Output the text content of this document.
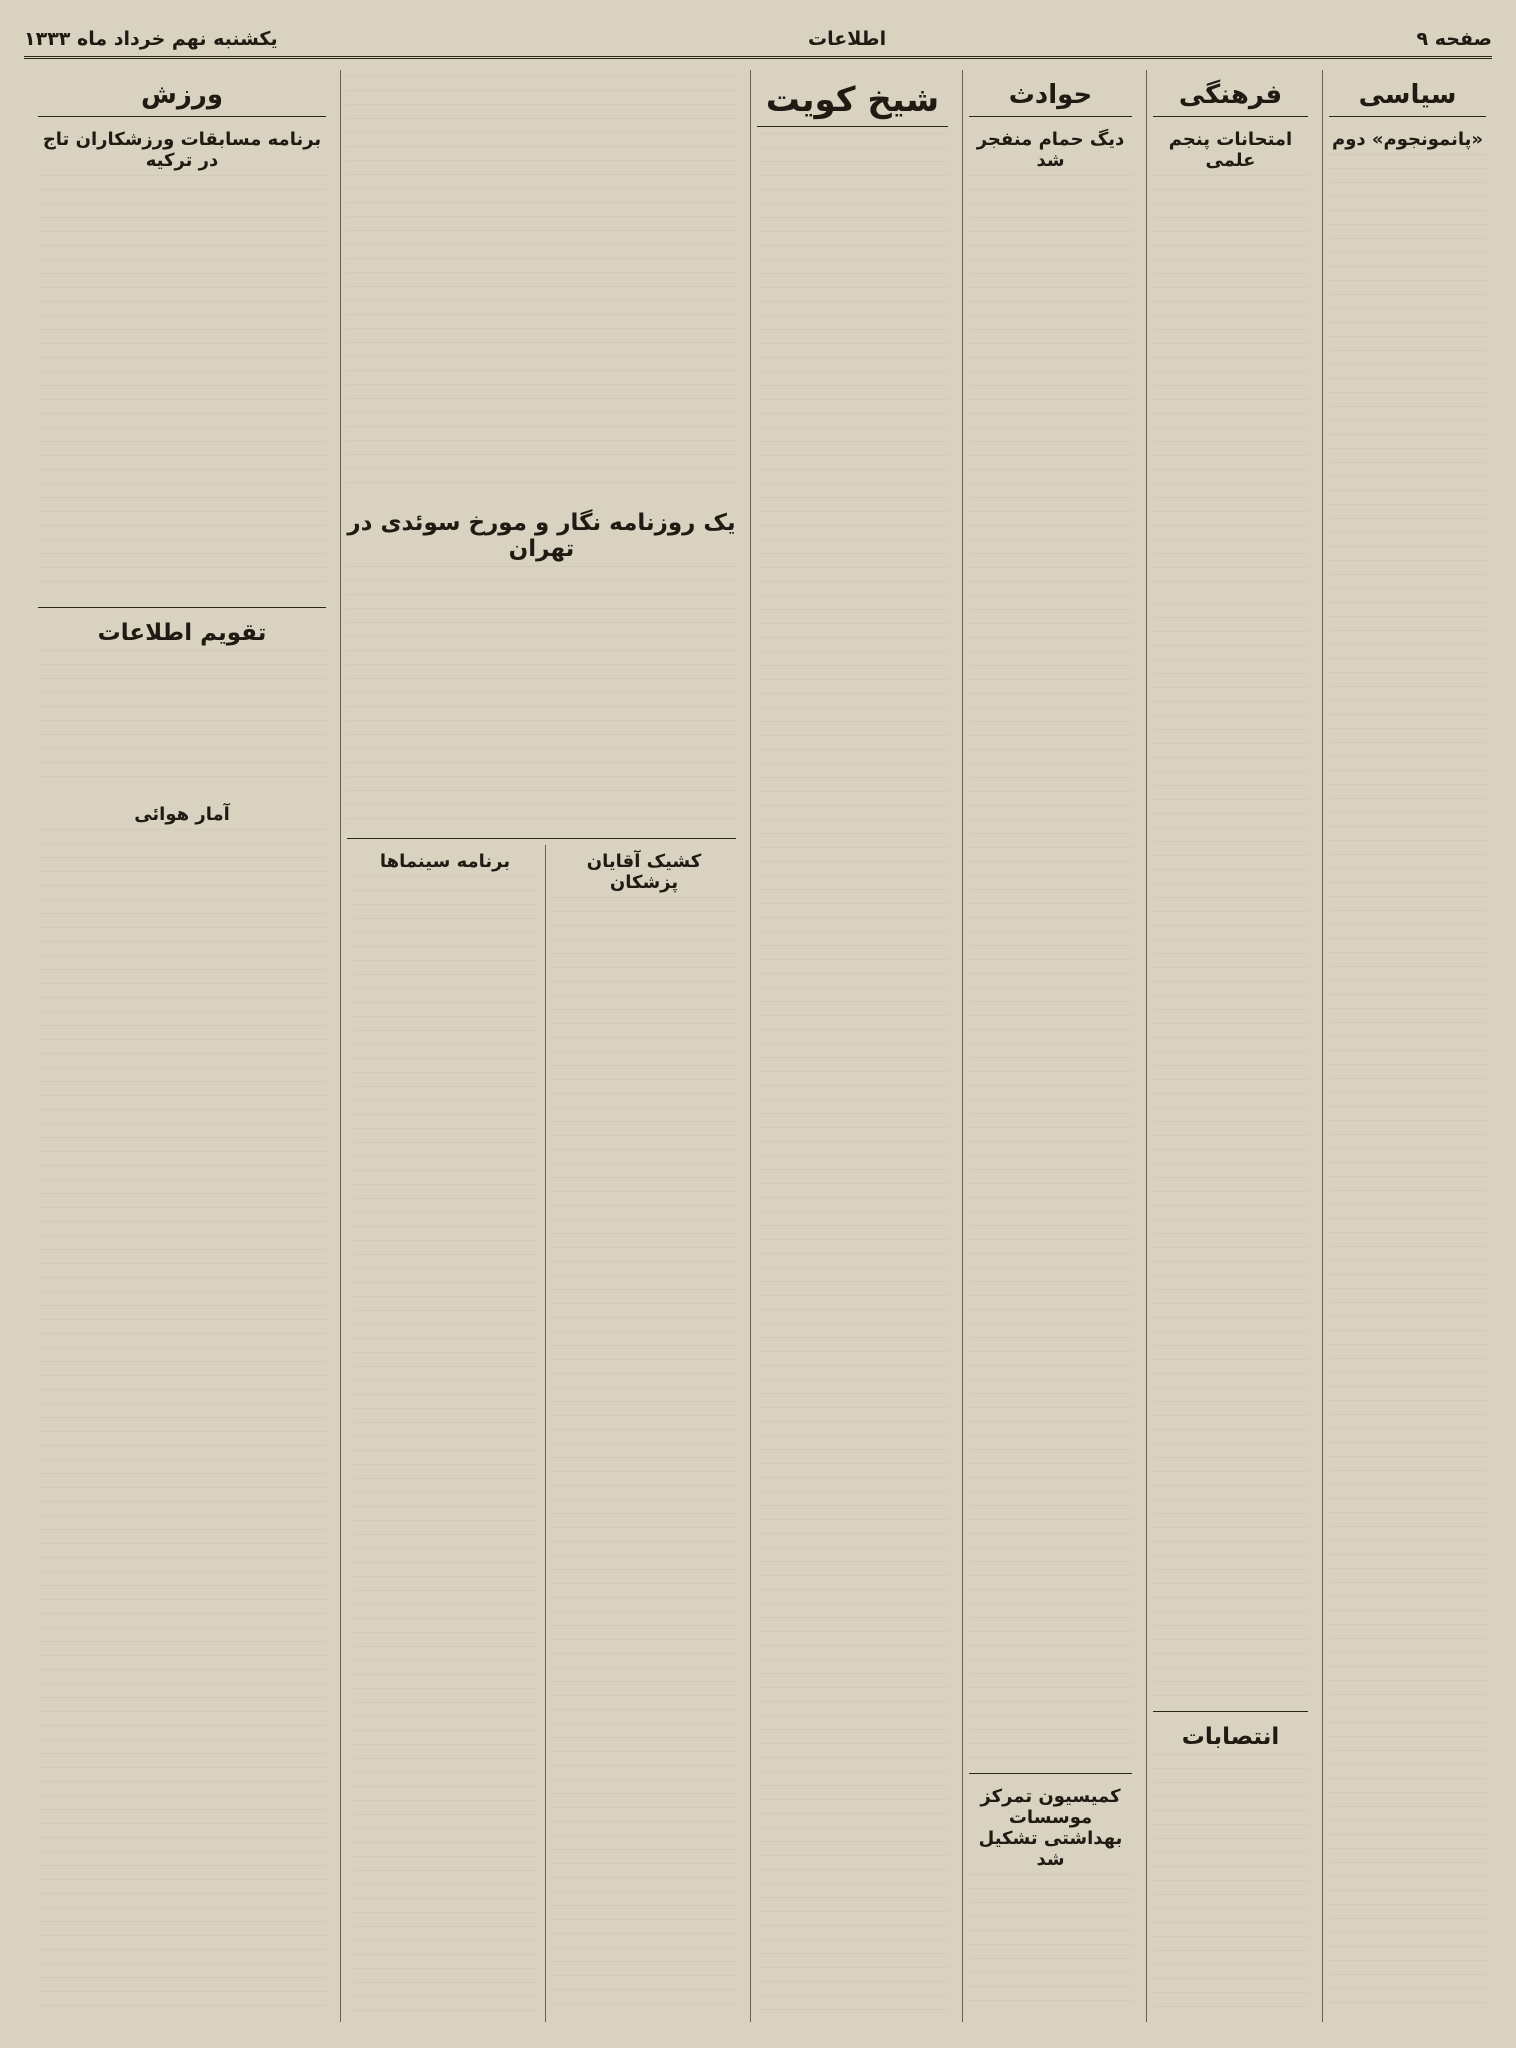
صفحه ۹
اطلاعات
یکشنبه نهم خرداد ماه ۱۳۳۳
سیاسی
«پانمونجوم» دوم
فرهنگی
امتحانات پنجم علمی
انتصابات
حوادث
دیگ حمام منفجر شد
کمیسیون تمرکز موسسات بهداشتی تشکیل شد
شیخ کویت
یک روزنامه نگار و مورخ سوئدی در تهران
کشیک آقایان پزشکان
برنامه سینماها
ورزش
برنامه مسابقات ورزشکاران تاج در ترکیه
تقویم اطلاعات
آمار هوائی
